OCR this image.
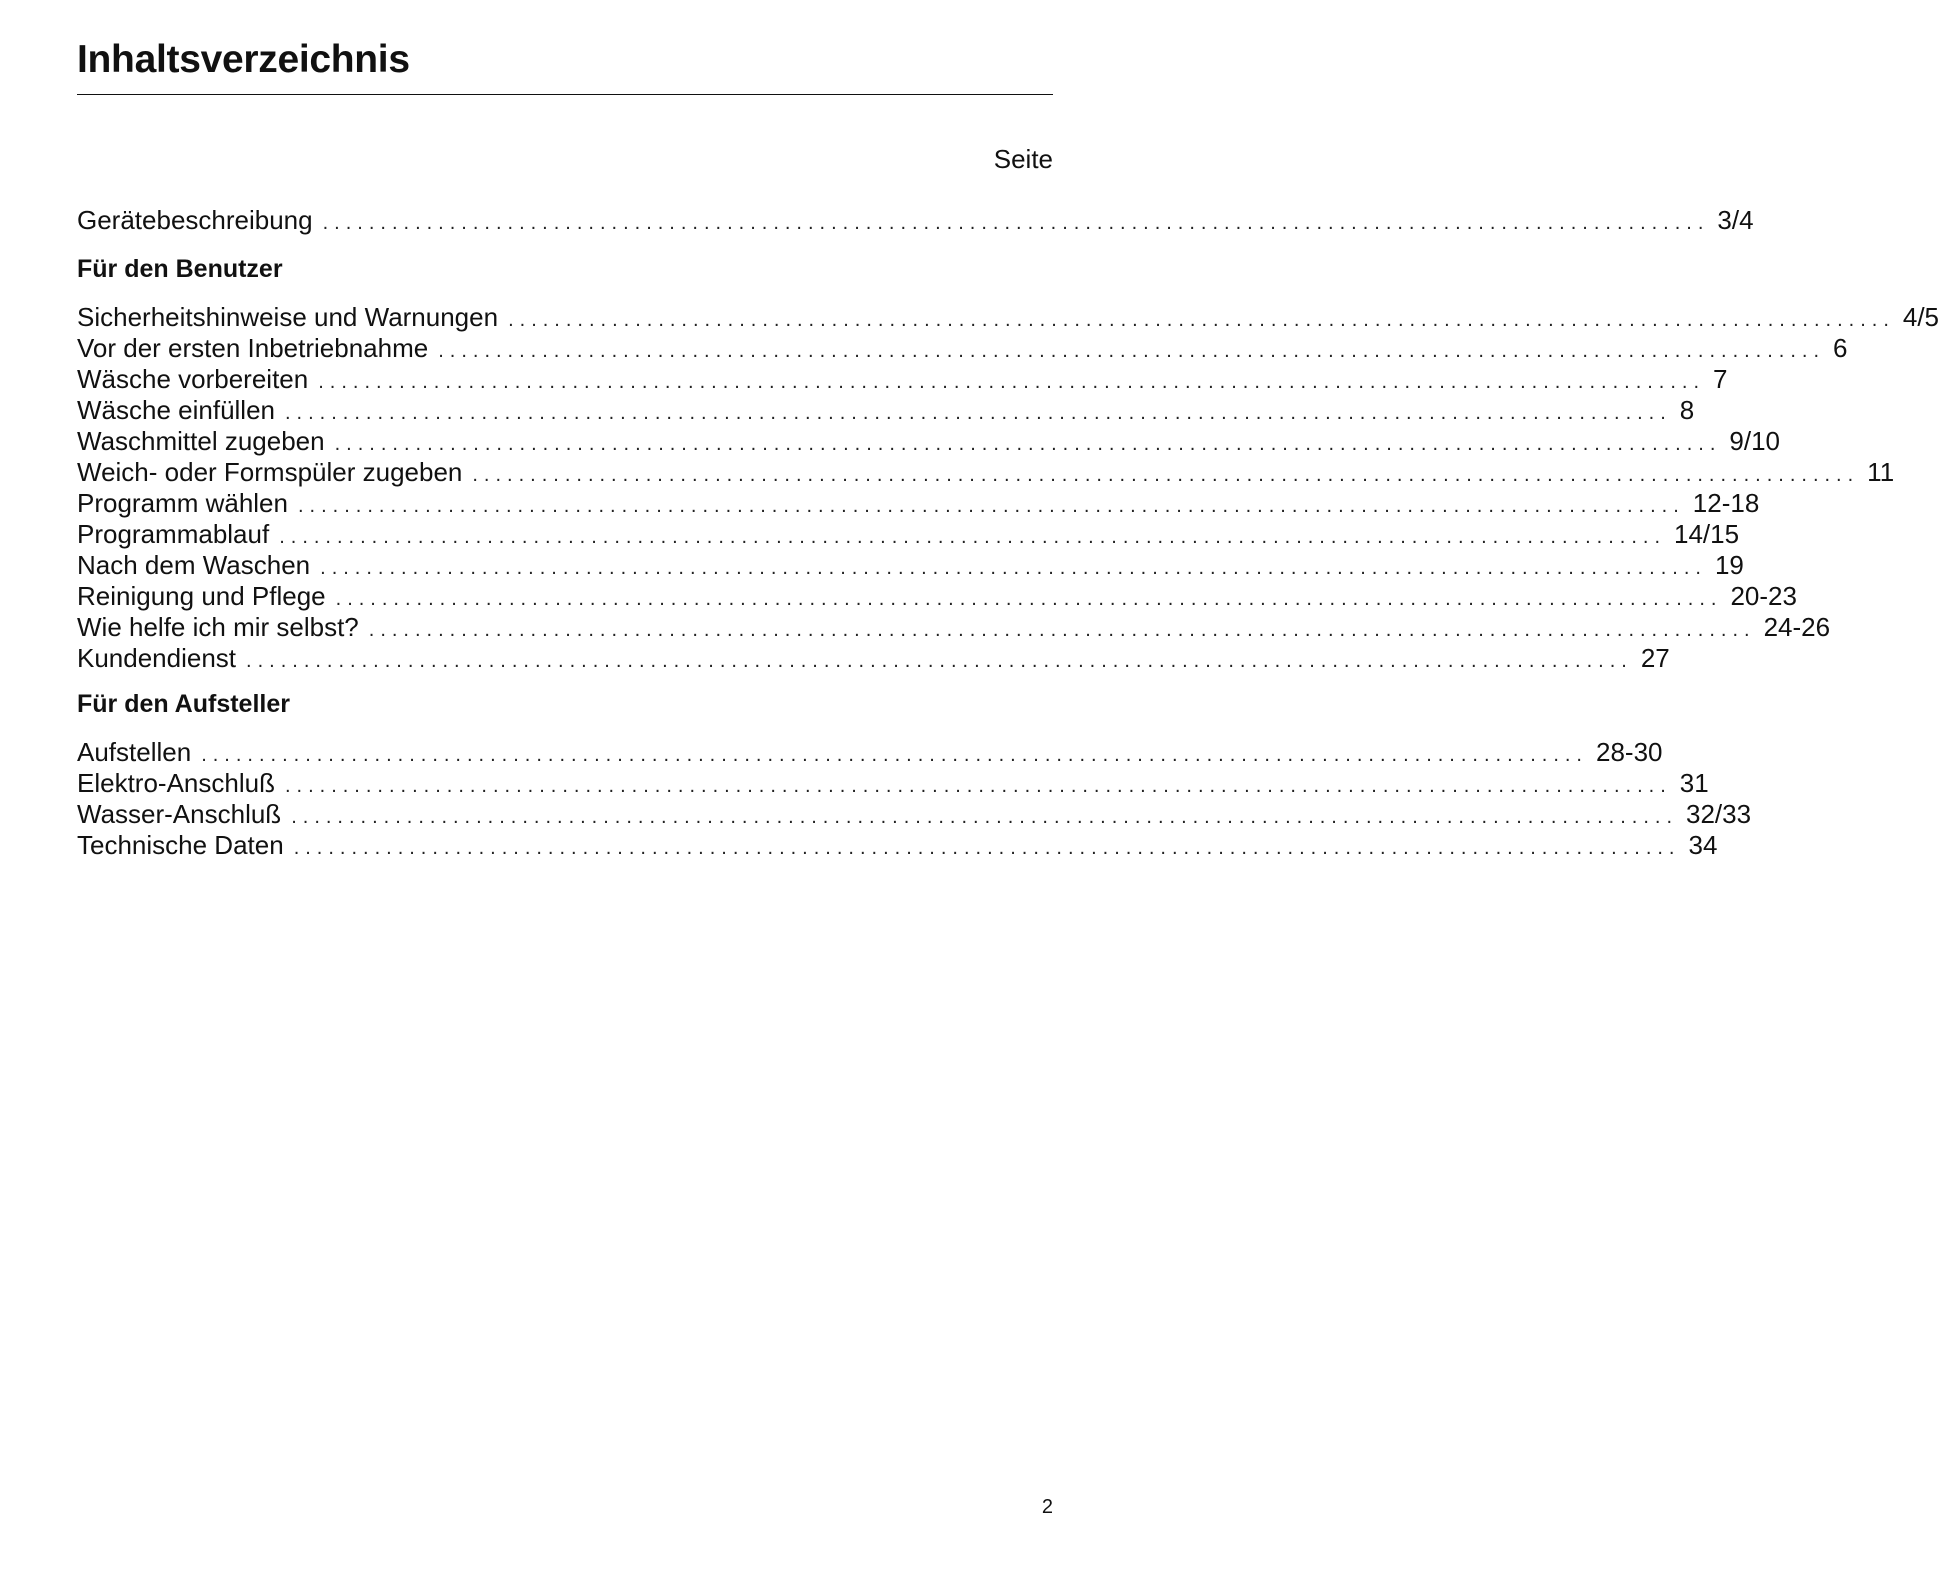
Inhaltsverzeichnis
Seite
Gerätebeschreibung ........................................................................................................................ 3/4
Für den Benutzer
Sicherheitshinweise und Warnungen ........................................................................................................................ 4/5
Vor der ersten Inbetriebnahme ........................................................................................................................ 6
Wäsche vorbereiten ........................................................................................................................ 7
Wäsche einfüllen ........................................................................................................................ 8
Waschmittel zugeben ........................................................................................................................ 9/10
Weich- oder Formspüler zugeben ........................................................................................................................ 11
Programm wählen ........................................................................................................................ 12-18
Programmablauf ........................................................................................................................ 14/15
Nach dem Waschen ........................................................................................................................ 19
Reinigung und Pflege ........................................................................................................................ 20-23
Wie helfe ich mir selbst? ........................................................................................................................ 24-26
Kundendienst ........................................................................................................................ 27
Für den Aufsteller
Aufstellen ........................................................................................................................ 28-30
Elektro-Anschluß ........................................................................................................................ 31
Wasser-Anschluß ........................................................................................................................ 32/33
Technische Daten ........................................................................................................................ 34
2
